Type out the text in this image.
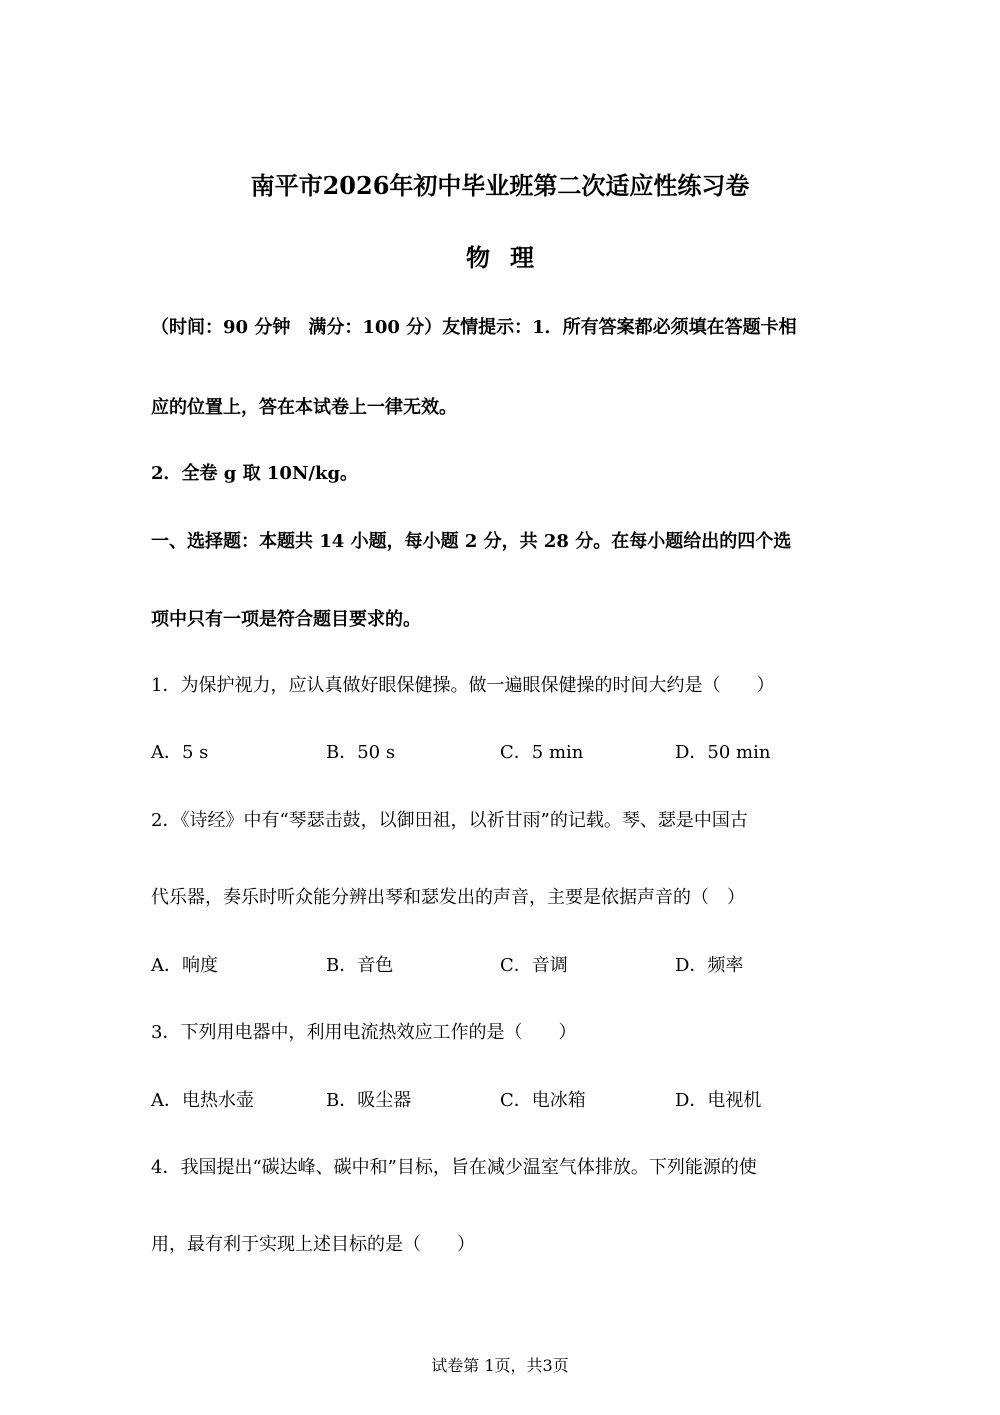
南平市2026年初中毕业班第二次适应性练习卷
物理
（时间：90 分钟　满分：100 分）友情提示：1．所有答案都必须填在答题卡相
应的位置上，答在本试卷上一律无效。
2．全卷 g 取 10N/kg。
一、选择题：本题共 14 小题，每小题 2 分，共 28 分。在每小题给出的四个选
项中只有一项是符合题目要求的。
1．为保护视力，应认真做好眼保健操。做一遍眼保健操的时间大约是（　　）
A．5 s	B．50 s	C．5 min	D．50 min
2．《诗经》中有“琴瑟击鼓，以御田祖，以祈甘雨”的记载。琴、瑟是中国古
代乐器，奏乐时听众能分辨出琴和瑟发出的声音，主要是依据声音的（　）
A．响度	B．音色	C．音调	D．频率
3．下列用电器中，利用电流热效应工作的是（　　）
A．电热水壶	B．吸尘器	C．电冰箱	D．电视机
4．我国提出“碳达峰、碳中和”目标，旨在减少温室气体排放。下列能源的使
用，最有利于实现上述目标的是（　　）
试卷第 1页，共3页
